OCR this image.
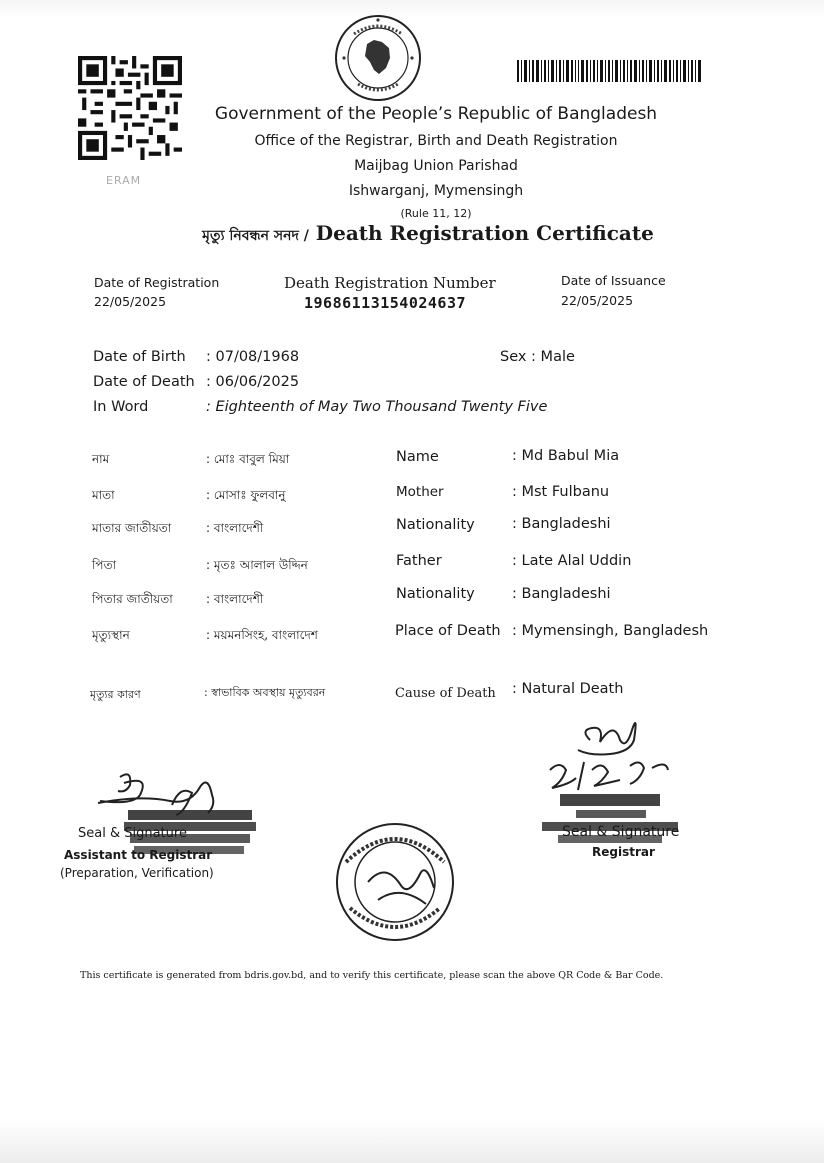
ERAM
Government of the People’s Republic of Bangladesh
Office of the Registrar, Birth and Death Registration
Maijbag Union Parishad
Ishwarganj, Mymensingh
(Rule 11, 12)
মৃত্যু নিবন্ধন সনদ / Death Registration Certificate
Date of Registration
22/05/2025
Death Registration Number
19686113154024637
Date of Issuance
22/05/2025
Date of Birth : 07/08/1968	Sex : Male
Date of Death : 06/06/2025
In Word	: Eighteenth of May Two Thousand Twenty Five
নাম	: মোঃ বাবুল মিয়া	Name	: Md Babul Mia
মাতা	: মোসাঃ ফুলবানু	Mother	: Mst Fulbanu
মাতার জাতীয়তা	: বাংলাদেশী	Nationality	: Bangladeshi
পিতা	: মৃতঃ আলাল উদ্দিন	Father	: Late Alal Uddin
পিতার জাতীয়তা	: বাংলাদেশী	Nationality	: Bangladeshi
মৃত্যুস্থান	: ময়মনসিংহ, বাংলাদেশ	Place of Death : Mymensingh, Bangladesh
মৃত্যুর কারণ	: স্বাভাবিক অবস্থায় মৃত্যুবরন	Cause of Death : Natural Death
Seal & Signature
Assistant to Registrar
(Preparation, Verification)
Seal & Signature
Registrar
This certificate is generated from bdris.gov.bd, and to verify this certificate, please scan the above QR Code & Bar Code.
